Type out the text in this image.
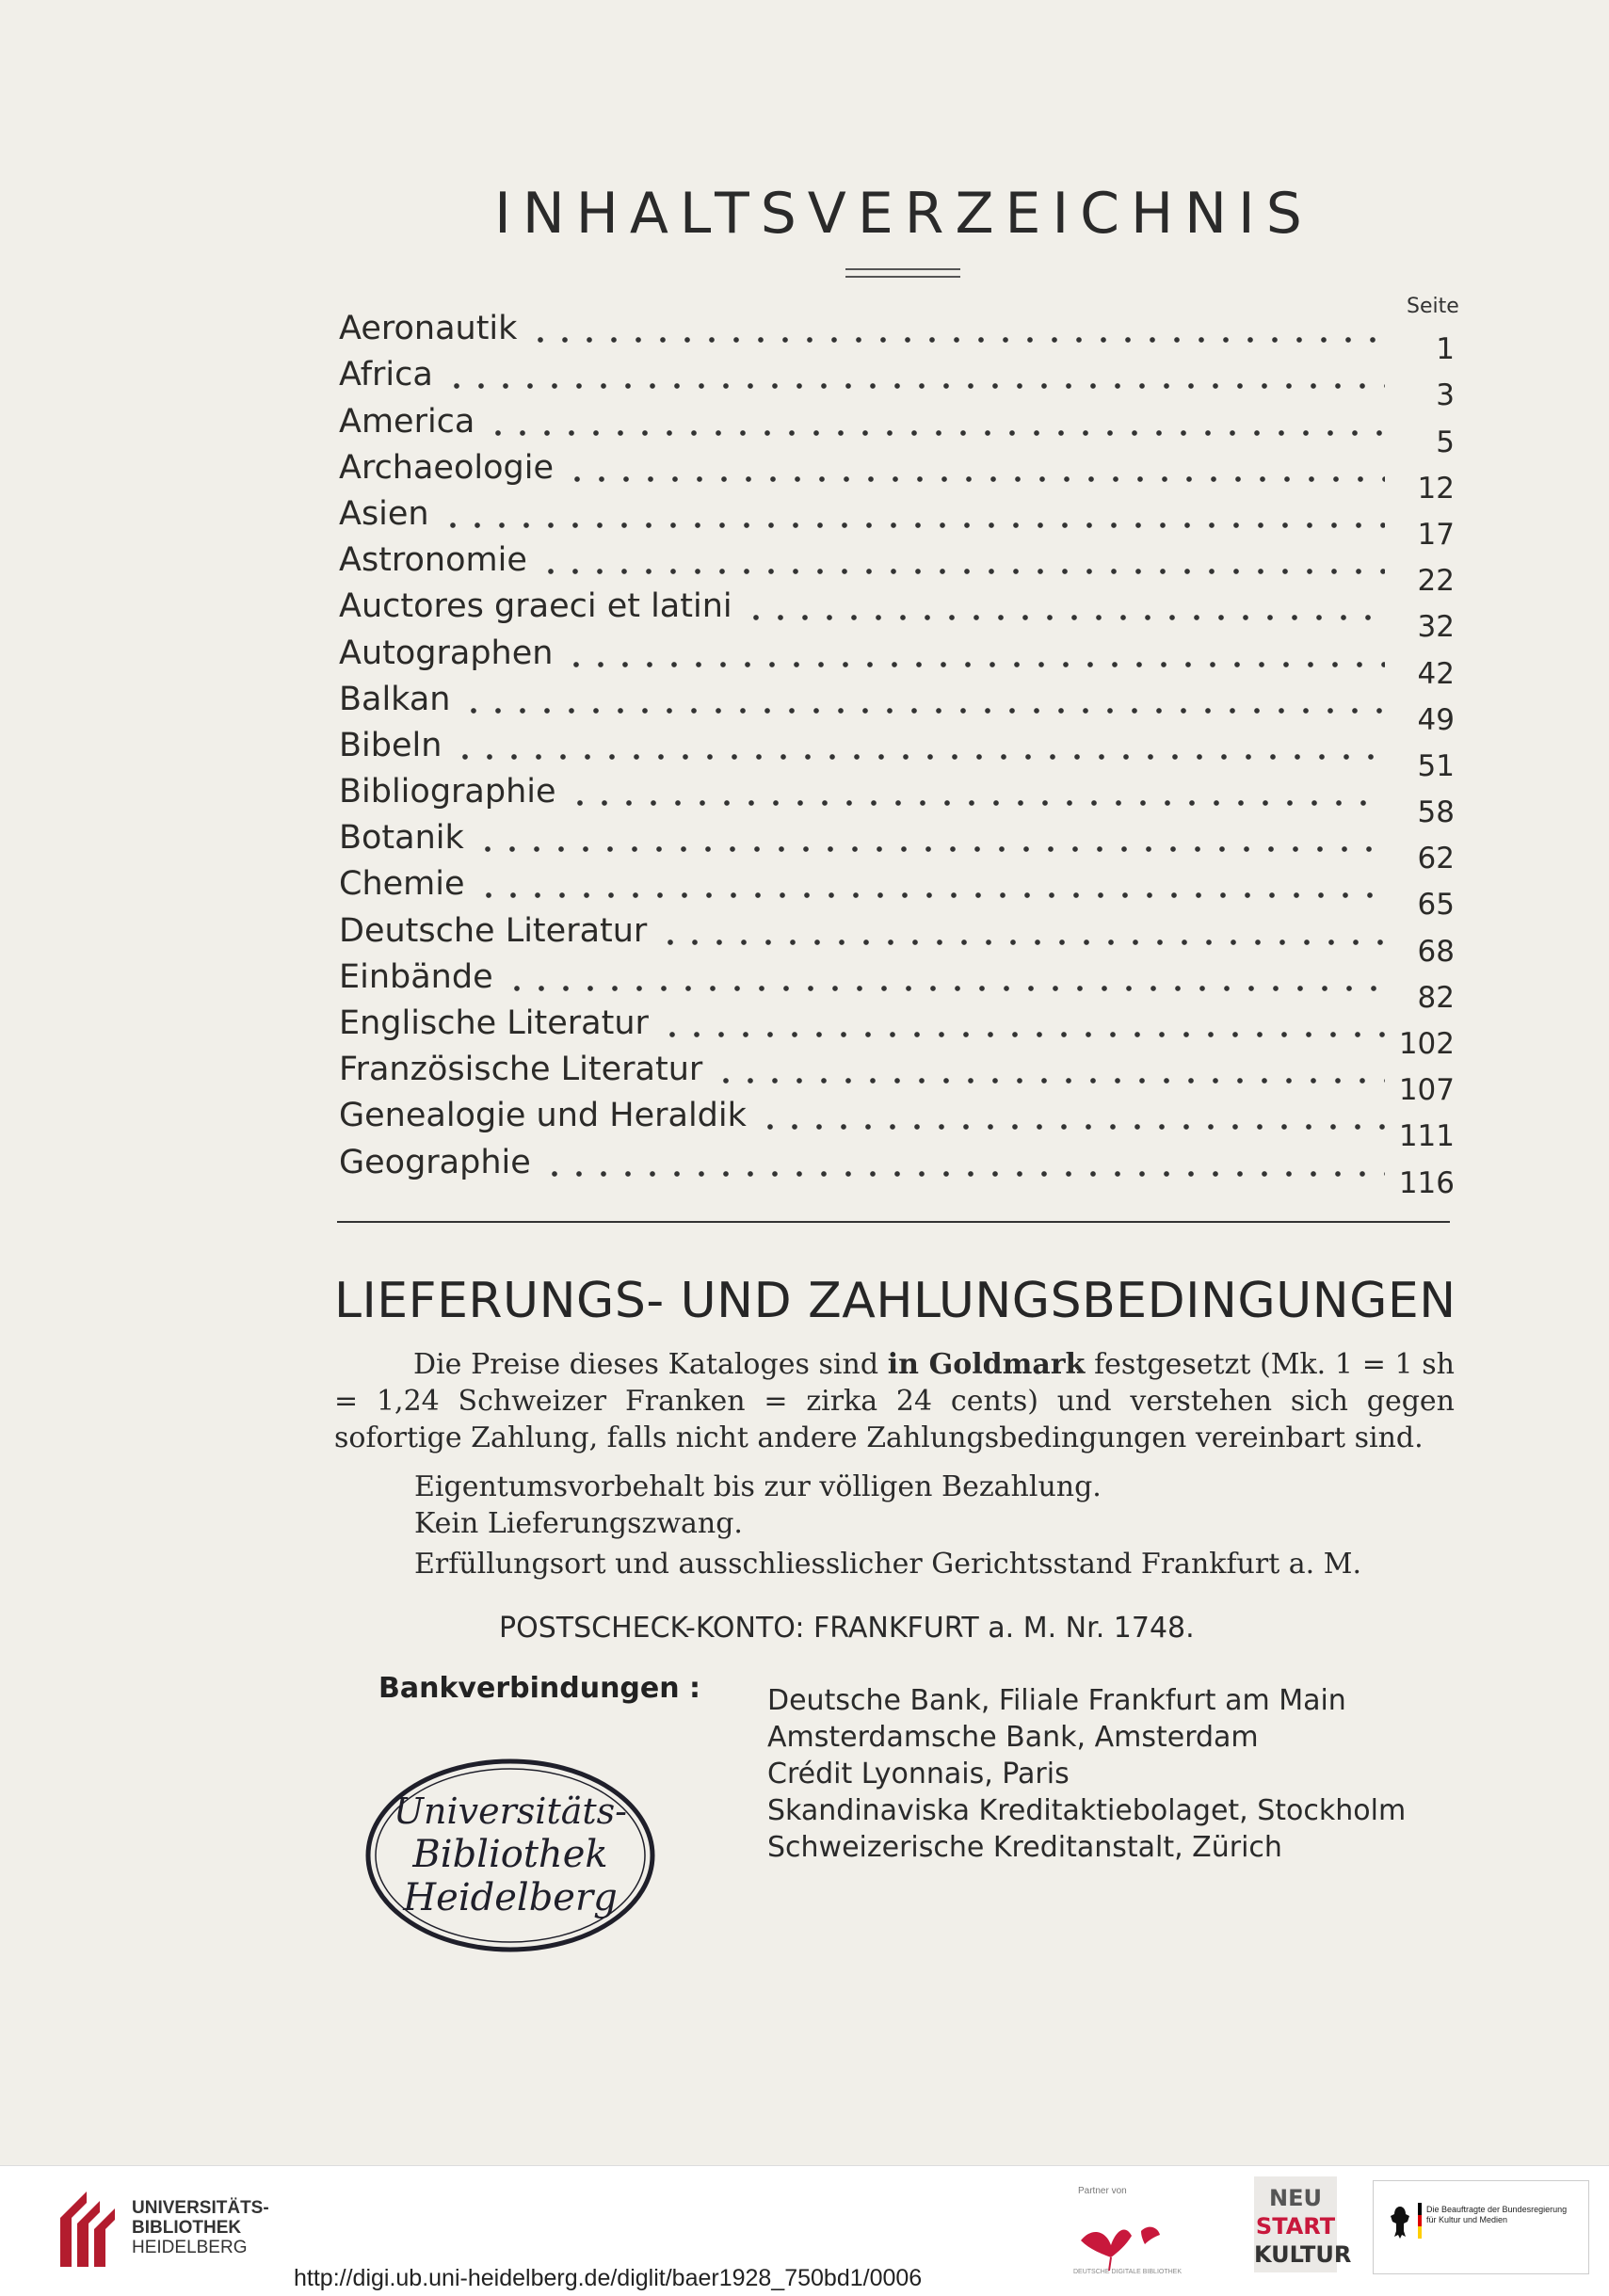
INHALTSVERZEICHNIS
Seite
Aeronautik
1
Africa
3
America
5
Archaeologie
12
Asien
17
Astronomie
22
Auctores graeci et latini
32
Autographen
42
Balkan
49
Bibeln
51
Bibliographie
58
Botanik
62
Chemie
65
Deutsche Literatur
68
Einbände
82
Englische Literatur
102
Französische Literatur
107
Genealogie und Heraldik
111
Geographie
116
LIEFERUNGS- UND ZAHLUNGSBEDINGUNGEN
Die Preise dieses Kataloges sind in Goldmark festgesetzt (Mk. 1 = 1 sh = 1,24 Schweizer Franken = zirka 24 cents) und verstehen sich gegen sofortige Zahlung, falls nicht andere Zahlungsbedingungen vereinbart sind.
Eigentumsvorbehalt bis zur völligen Bezahlung.
Kein Lieferungszwang.
Erfüllungsort und ausschliesslicher Gerichtsstand Frankfurt a. M.
POSTSCHECK-KONTO: FRANKFURT a. M. Nr. 1748.
Bankverbindungen : Deutsche Bank, Filiale Frankfurt am Main
Amsterdamsche Bank, Amsterdam
Crédit Lyonnais, Paris
Skandinaviska Kreditaktiebolaget, Stockholm
Schweizerische Kreditanstalt, Zürich
Universitäts-
Bibliothek
Heidelberg
UNIVERSITÄTS-
BIBLIOTHEK
HEIDELBERG
http://digi.ub.uni-heidelberg.de/diglit/baer1928_750bd1/0006
Partner von
DEUTSCHE DIGITALE BIBLIOTHEK
NEU
START
KULTUR
Die Beauftragte der Bundesregierung
für Kultur und Medien
